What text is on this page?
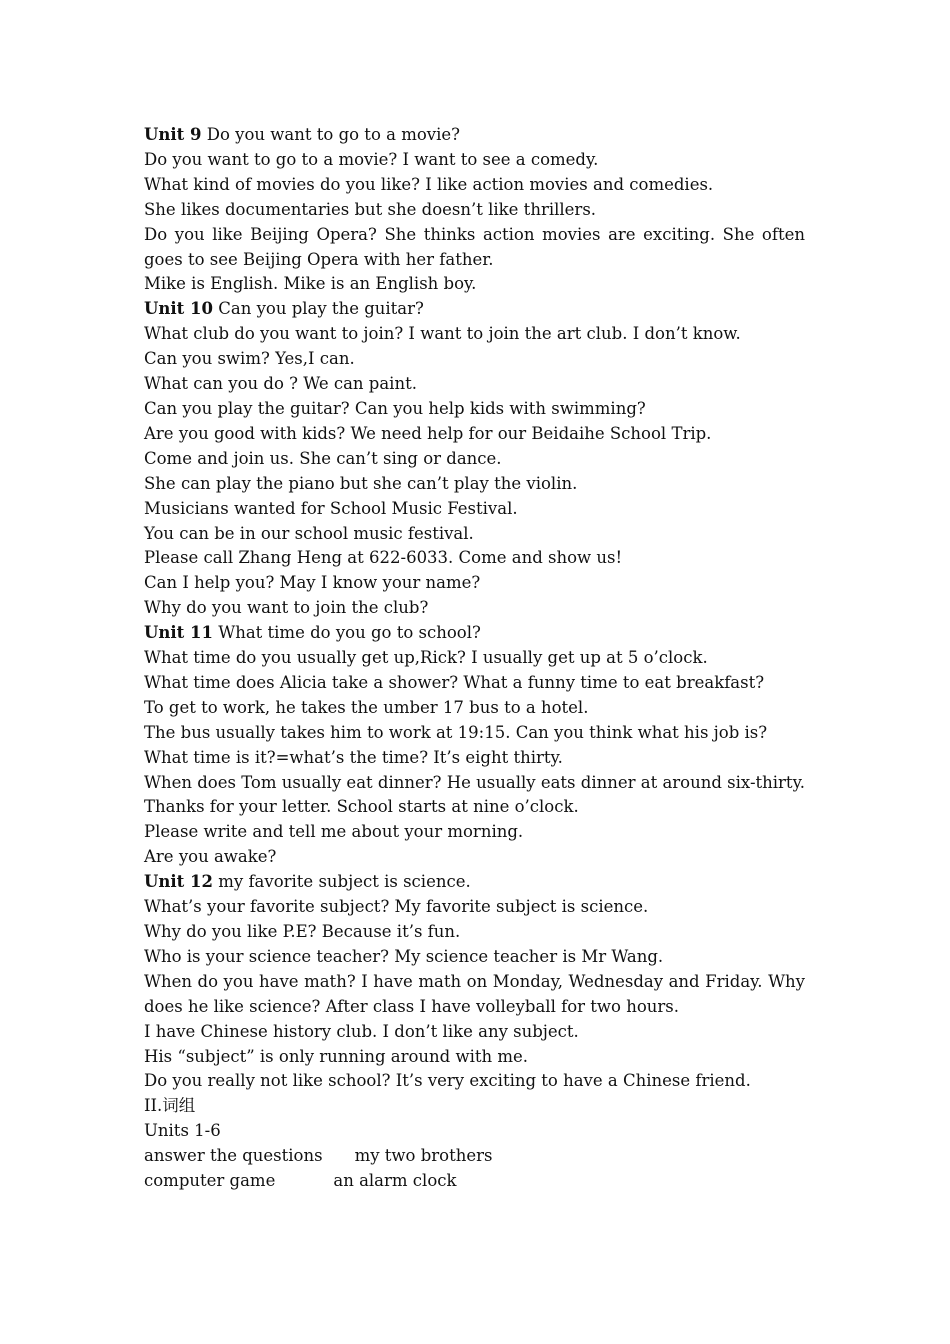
Unit 9 Do you want to go to a movie?
Do you want to go to a movie? I want to see a comedy.
What kind of movies do you like? I like action movies and comedies.
She likes documentaries but she doesn’t like thrillers.
Do you like Beijing Opera? She thinks action movies are exciting. She often goes to see Beijing Opera with her father.
Mike is English. Mike is an English boy.
Unit 10 Can you play the guitar?
What club do you want to join? I want to join the art club. I don’t know.
Can you swim? Yes,I can.
What can you do ? We can paint.
Can you play the guitar? Can you help kids with swimming?
Are you good with kids? We need help for our Beidaihe School Trip.
Come and join us. She can’t sing or dance.
She can play the piano but she can’t play the violin.
Musicians wanted for School Music Festival.
You can be in our school music festival.
Please call Zhang Heng at 622-6033. Come and show us!
Can I help you? May I know your name?
Why do you want to join the club?
Unit 11 What time do you go to school?
What time do you usually get up,Rick? I usually get up at 5 o’clock.
What time does Alicia take a shower? What a funny time to eat breakfast?
To get to work, he takes the umber 17 bus to a hotel.
The bus usually takes him to work at 19:15. Can you think what his job is?
What time is it?=what’s the time? It’s eight thirty.
When does Tom usually eat dinner? He usually eats dinner at around six-thirty.
Thanks for your letter. School starts at nine o’clock.
Please write and tell me about your morning.
Are you awake?
Unit 12 my favorite subject is science.
What’s your favorite subject? My favorite subject is science.
Why do you like P.E? Because it’s fun.
Who is your science teacher? My science teacher is Mr Wang.
When do you have math? I have math on Monday, Wednesday and Friday. Why does he like science? After class I have volleyball for two hours.
I have Chinese history club. I don’t like any subject.
His “subject” is only running around with me.
Do you really not like school? It’s very exciting to have a Chinese friend.
II.词组
Units 1-6
answer the questions my two brothers
computer game	an alarm clock
